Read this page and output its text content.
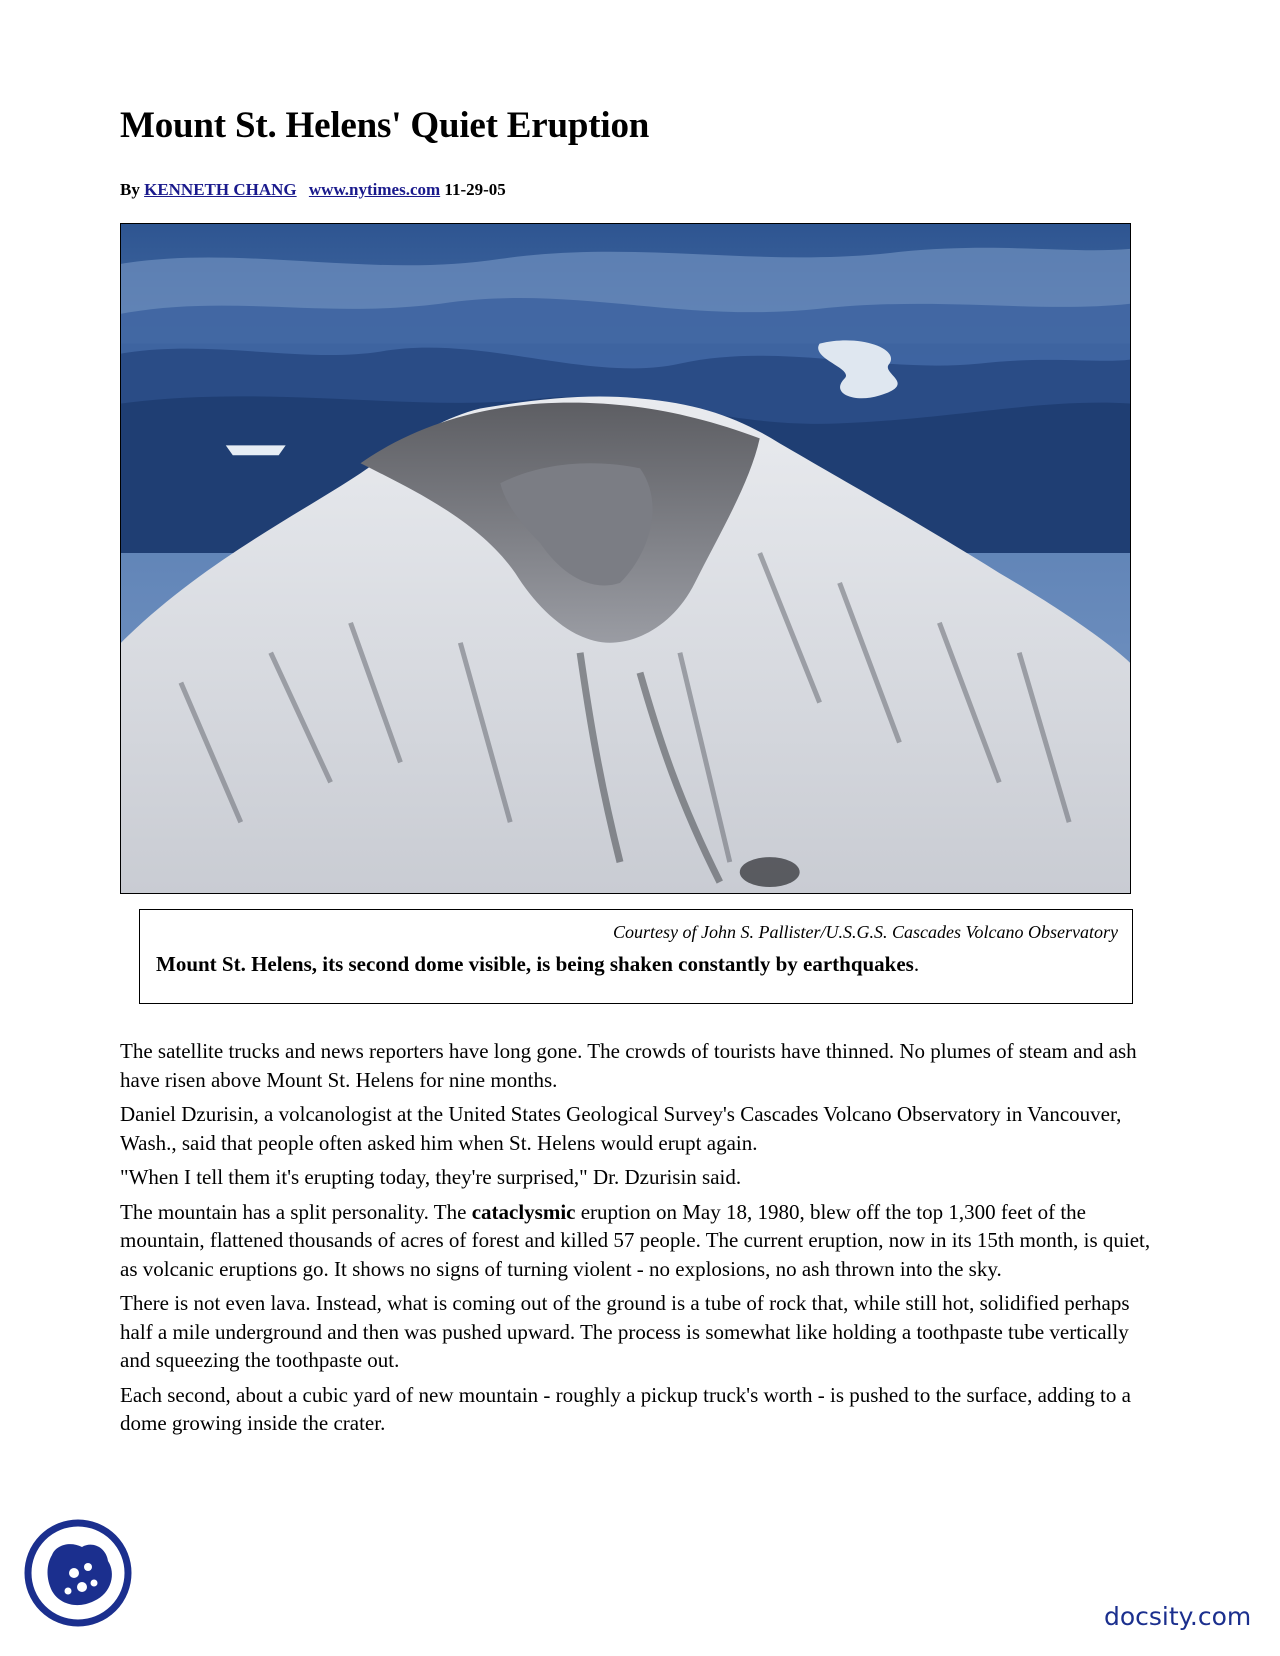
Mount St. Helens' Quiet Eruption
By KENNETH CHANG www.nytimes.com 11-29-05
Courtesy of John S. Pallister/U.S.G.S. Cascades Volcano Observatory
Mount St. Helens, its second dome visible, is being shaken constantly by earthquakes.

The satellite trucks and news reporters have long gone. The crowds of tourists have thinned. No plumes of steam and ash have risen above Mount St. Helens for nine months.

Daniel Dzurisin, a volcanologist at the United States Geological Survey's Cascades Volcano Observatory in Vancouver, Wash., said that people often asked him when St. Helens would erupt again.

"When I tell them it's erupting today, they're surprised," Dr. Dzurisin said.

The mountain has a split personality. The cataclysmic eruption on May 18, 1980, blew off the top 1,300 feet of the mountain, flattened thousands of acres of forest and killed 57 people. The current eruption, now in its 15th month, is quiet, as volcanic eruptions go. It shows no signs of turning violent - no explosions, no ash thrown into the sky.

There is not even lava. Instead, what is coming out of the ground is a tube of rock that, while still hot, solidified perhaps half a mile underground and then was pushed upward. The process is somewhat like holding a toothpaste tube vertically and squeezing the toothpaste out.

Each second, about a cubic yard of new mountain - roughly a pickup truck's worth - is pushed to the surface, adding to a dome growing inside the crater.

docsity.com
